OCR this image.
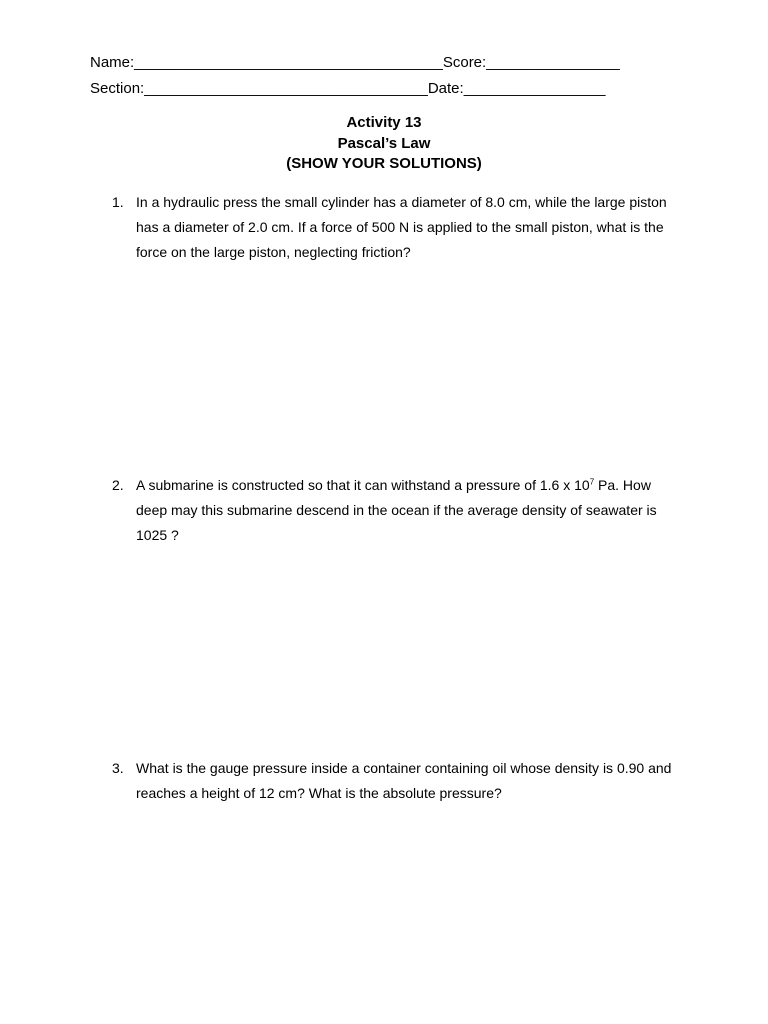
Name:_____________________________________Score:________________
Section:__________________________________Date:_________________
Activity 13
Pascal’s Law
(SHOW YOUR SOLUTIONS)
1. In a hydraulic press the small cylinder has a diameter of 8.0 cm, while the large piston
has a diameter of 2.0 cm. If a force of 500 N is applied to the small piston, what is the
force on the large piston, neglecting friction?
2. A submarine is constructed so that it can withstand a pressure of 1.6 x $10^7$ Pa. How
deep may this submarine descend in the ocean if the average density of seawater is
1025 ?
3. What is the gauge pressure inside a container containing oil whose density is 0.90 and
reaches a height of 12 cm? What is the absolute pressure?
